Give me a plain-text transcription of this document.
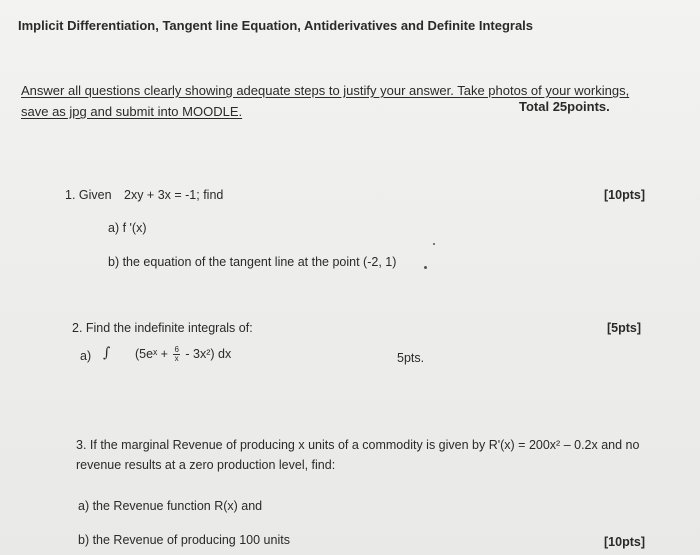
Implicit Differentiation, Tangent line Equation, Antiderivatives and Definite Integrals
Answer all questions clearly showing adequate steps to justify your answer. Take photos of your workings,
save as jpg and submit into MOODLE.	Total 25points.
1. Given 2xy + 3x = -1; find	[10pts]
a) f '(x)
b) the equation of the tangent line at the point (-2, 1)
2. Find the indefinite integrals of:	[5pts]
a) ∫ (5eˣ + $\frac{6}{x} - 3x^2$) dx	5pts.
3. If the marginal Revenue of producing x units of a commodity is given by R'(x) = 200x² – 0.2x and no revenue results at a zero production level, find:
a) the Revenue function R(x) and
b) the Revenue of producing 100 units	[10pts]
